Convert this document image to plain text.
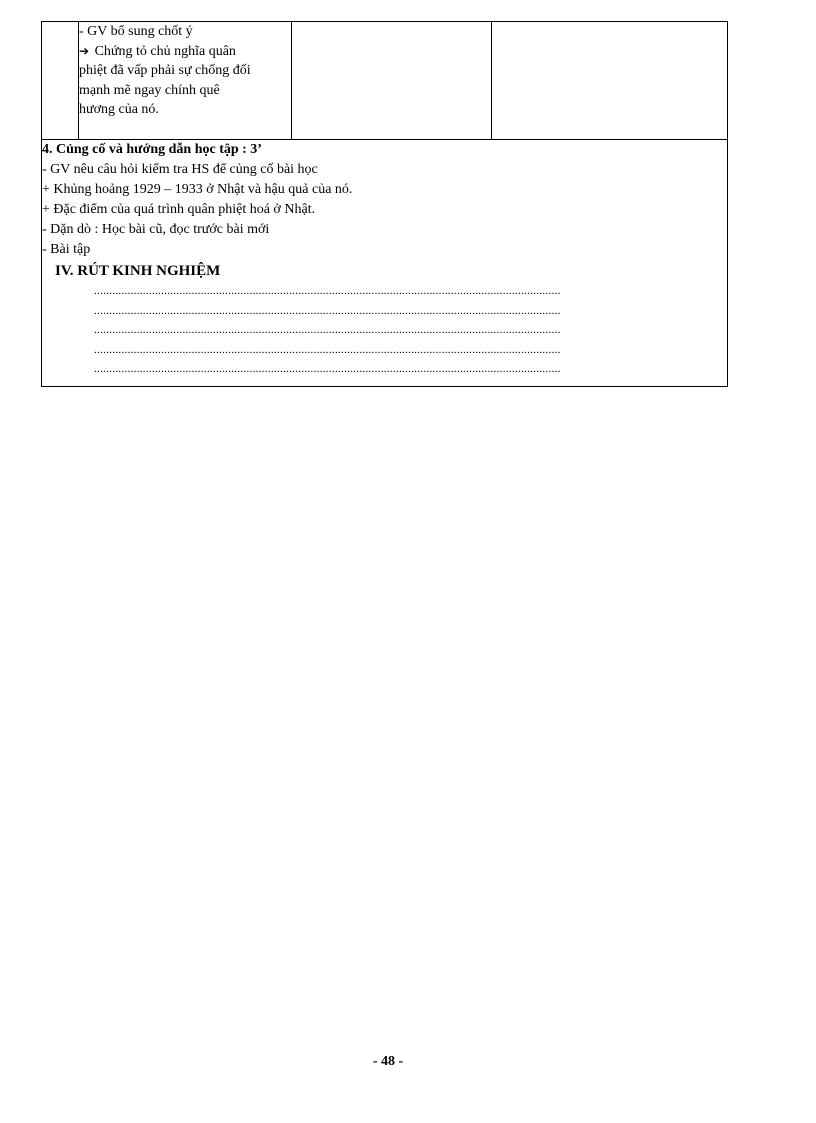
- GV bổ sung chốt ý
➔ Chứng tỏ chủ nghĩa quân
phiệt đã vấp phải sự chống đối
mạnh mẽ ngay chính quê
hương của nó.

4. Củng cố và hướng dẫn học tập : 3’
- GV nêu câu hỏi kiểm tra HS để củng cố bài học
+ Khủng hoảng 1929 – 1933 ở Nhật và hậu quả của nó.
+ Đặc điểm của quá trình quân phiệt hoá ở Nhật.
- Dặn dò : Học bài cũ, đọc trước bài mới
- Bài tập
IV. RÚT KINH NGHIỆM
.........................................................................................................................................................
.........................................................................................................................................................
.........................................................................................................................................................
.........................................................................................................................................................
.........................................................................................................................................................
- 48 -
